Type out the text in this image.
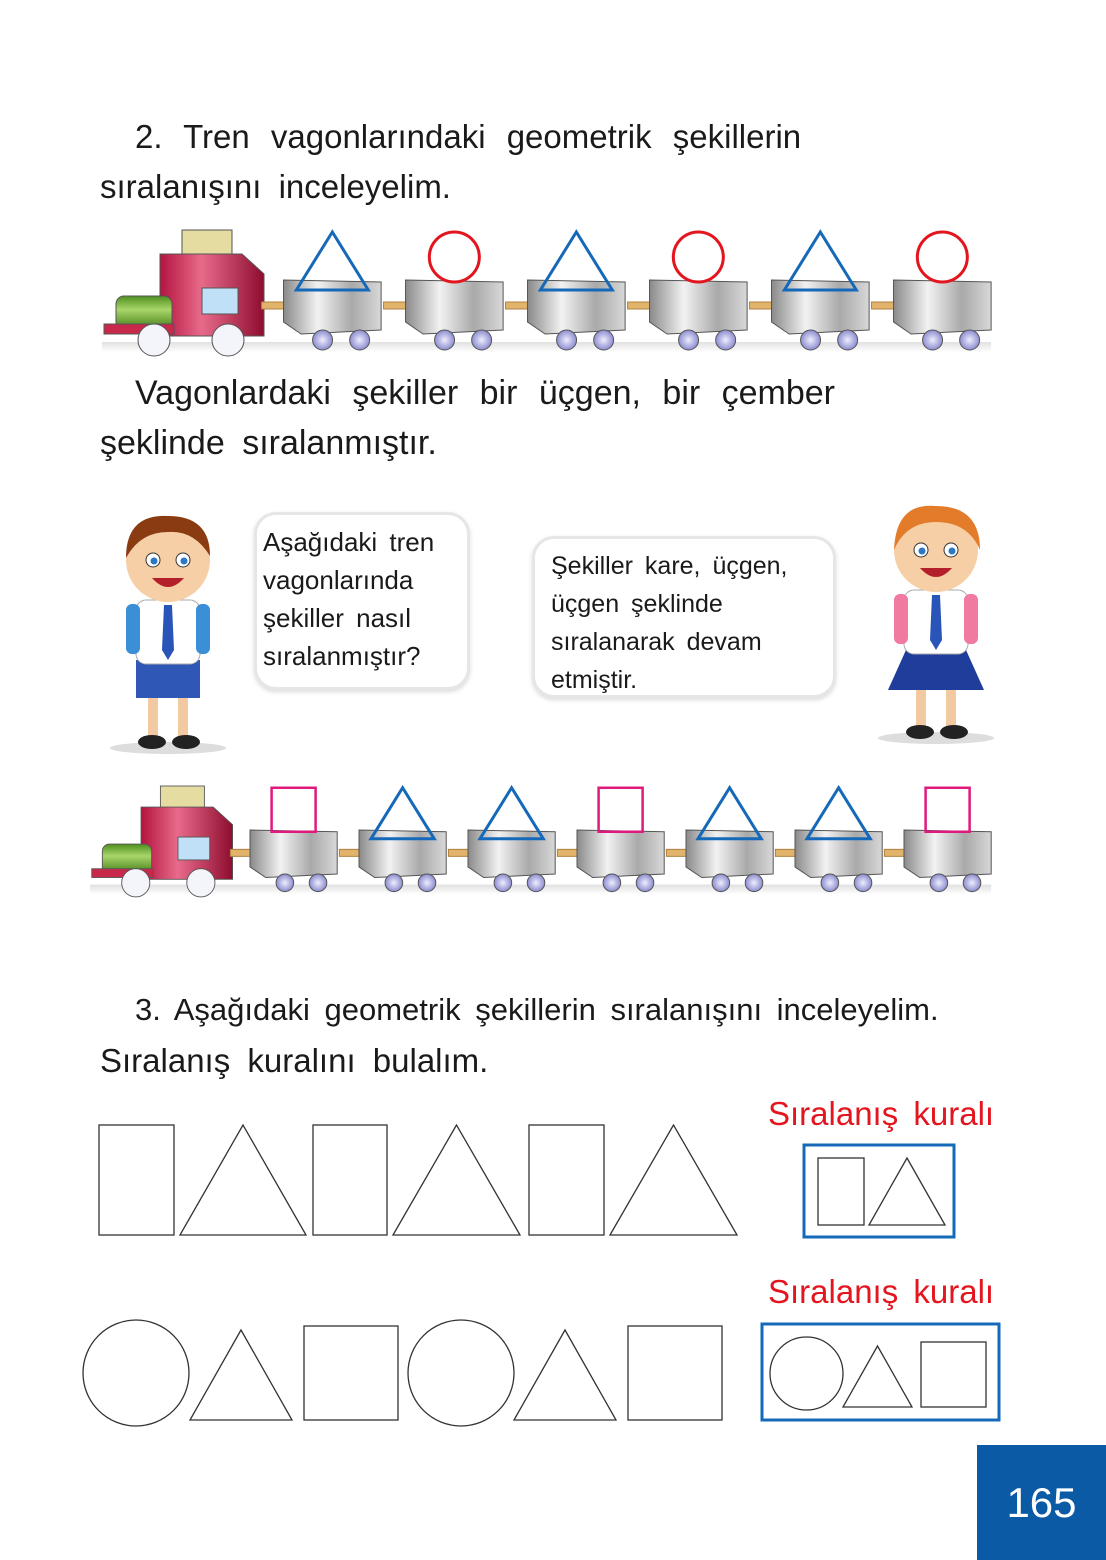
2. Tren vagonlarındaki geometrik şekillerin
sıralanışını inceleyelim.
Vagonlardaki şekiller bir üçgen, bir çember
şeklinde sıralanmıştır.
Aşağıdaki tren
vagonlarında
şekiller nasıl
sıralanmıştır?
Şekiller kare, üçgen,
üçgen şeklinde
sıralanarak devam
etmiştir.
3. Aşağıdaki geometrik şekillerin sıralanışını inceleyelim.
Sıralanış kuralını bulalım.
Sıralanış kuralı
Sıralanış kuralı
165
